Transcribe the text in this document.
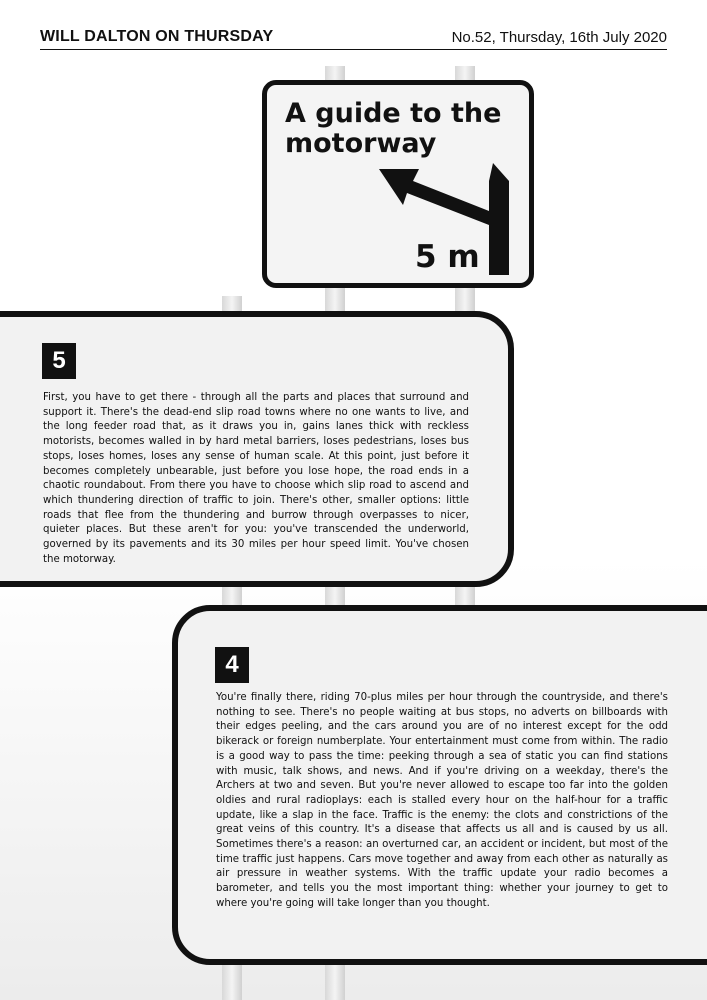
WILL DALTON ON THURSDAY	No.52, Thursday, 16th July 2020
A guide to the
motorway
5 m
5

First, you have to get there - through all the parts and places that surround and support it. There's the dead-end slip road towns where no one wants to live, and the long feeder road that, as it draws you in, gains lanes thick with reckless motorists, becomes walled in by hard metal barriers, loses pedestrians, loses bus stops, loses homes, loses any sense of human scale. At this point, just before it becomes completely unbearable, just before you lose hope, the road ends in a chaotic roundabout. From there you have to choose which slip road to ascend and which thundering direction of traffic to join. There's other, smaller options: little roads that flee from the thundering and burrow through overpasses to nicer, quieter places. But these aren't for you: you've transcended the underworld, governed by its pavements and its 30 miles per hour speed limit. You've chosen the motorway.

4

You're finally there, riding 70-plus miles per hour through the countryside, and there's nothing to see. There's no people waiting at bus stops, no adverts on billboards with their edges peeling, and the cars around you are of no interest except for the odd bikerack or foreign numberplate. Your entertainment must come from within. The radio is a good way to pass the time: peeking through a sea of static you can find stations with music, talk shows, and news. And if you're driving on a weekday, there's the Archers at two and seven. But you're never allowed to escape too far into the golden oldies and rural radioplays: each is stalled every hour on the half-hour for a traffic update, like a slap in the face. Traffic is the enemy: the clots and constrictions of the great veins of this country. It's a disease that affects us all and is caused by us all. Sometimes there's a reason: an overturned car, an accident or incident, but most of the time traffic just happens. Cars move together and away from each other as naturally as air pressure in weather systems. With the traffic update your radio becomes a barometer, and tells you the most important thing: whether your journey to get to where you're going will take longer than you thought.
